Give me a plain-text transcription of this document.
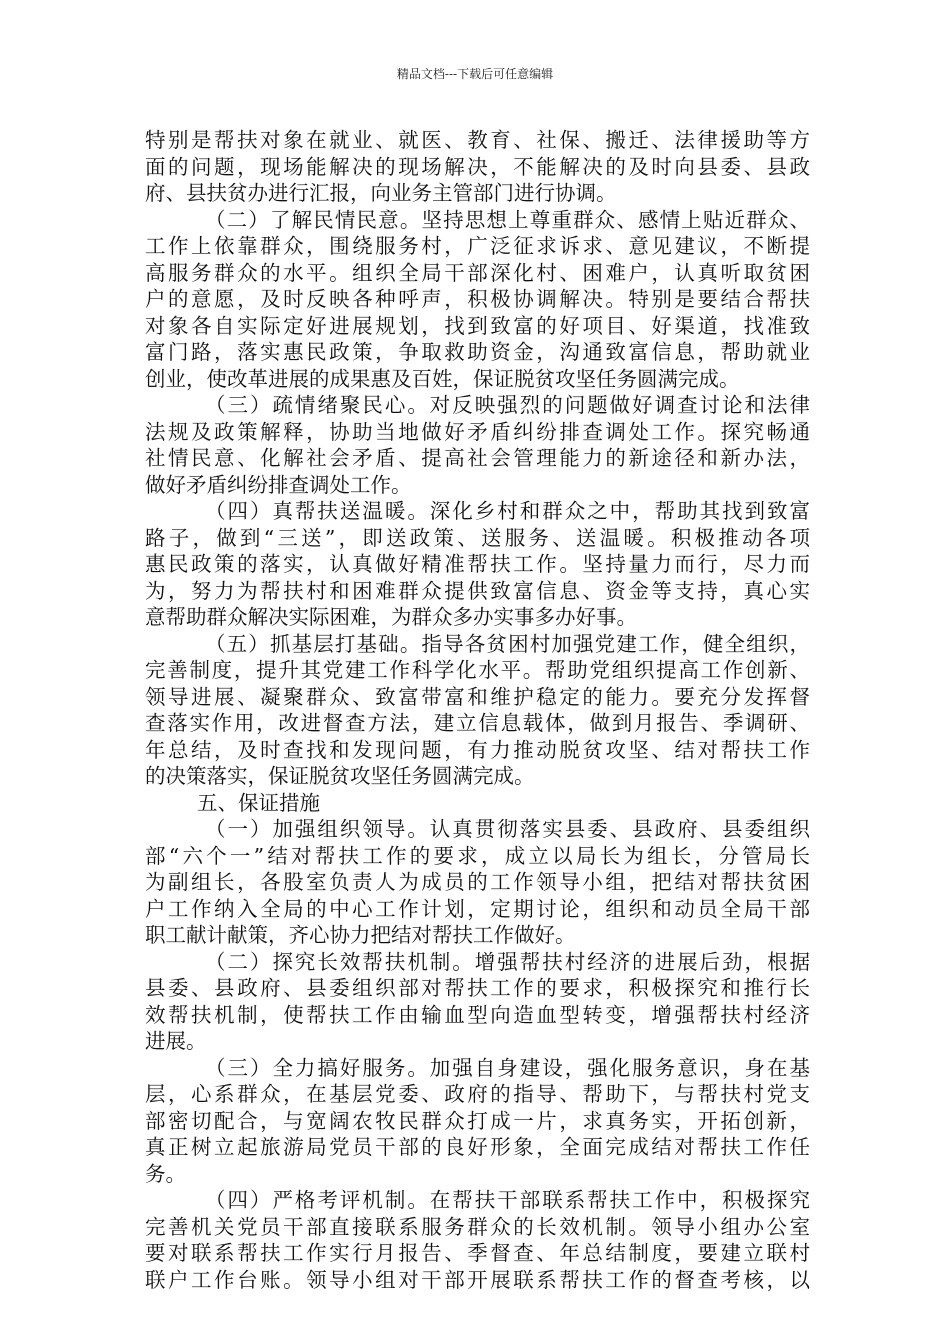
精品文档---下载后可任意编辑
特别是帮扶对象在就业、就医、教育、社保、搬迁、法律援助等方
面的问题，现场能解决的现场解决，不能解决的及时向县委、县政
府、县扶贫办进行汇报，向业务主管部门进行协调。
（二）了解民情民意。坚持思想上尊重群众、感情上贴近群众、
工作上依靠群众，围绕服务村，广泛征求诉求、意见建议，不断提
高服务群众的水平。组织全局干部深化村、困难户，认真听取贫困
户的意愿，及时反映各种呼声，积极协调解决。特别是要结合帮扶
对象各自实际定好进展规划，找到致富的好项目、好渠道，找准致
富门路，落实惠民政策，争取救助资金，沟通致富信息，帮助就业
创业，使改革进展的成果惠及百姓，保证脱贫攻坚任务圆满完成。
（三）疏情绪聚民心。对反映强烈的问题做好调查讨论和法律
法规及政策解释，协助当地做好矛盾纠纷排查调处工作。探究畅通
社情民意、化解社会矛盾、提高社会管理能力的新途径和新办法，
做好矛盾纠纷排查调处工作。
（四）真帮扶送温暖。深化乡村和群众之中，帮助其找到致富
路子，做到“三送”，即送政策、送服务、送温暖。积极推动各项
惠民政策的落实，认真做好精准帮扶工作。坚持量力而行，尽力而
为，努力为帮扶村和困难群众提供致富信息、资金等支持，真心实
意帮助群众解决实际困难，为群众多办实事多办好事。
（五）抓基层打基础。指导各贫困村加强党建工作，健全组织，
完善制度，提升其党建工作科学化水平。帮助党组织提高工作创新、
领导进展、凝聚群众、致富带富和维护稳定的能力。要充分发挥督
查落实作用，改进督查方法，建立信息载体，做到月报告、季调研、
年总结，及时查找和发现问题，有力推动脱贫攻坚、结对帮扶工作
的决策落实，保证脱贫攻坚任务圆满完成。
五、保证措施
（一）加强组织领导。认真贯彻落实县委、县政府、县委组织
部“六个一”结对帮扶工作的要求，成立以局长为组长，分管局长
为副组长，各股室负责人为成员的工作领导小组，把结对帮扶贫困
户工作纳入全局的中心工作计划，定期讨论，组织和动员全局干部
职工献计献策，齐心协力把结对帮扶工作做好。
（二）探究长效帮扶机制。增强帮扶村经济的进展后劲，根据
县委、县政府、县委组织部对帮扶工作的要求，积极探究和推行长
效帮扶机制，使帮扶工作由输血型向造血型转变，增强帮扶村经济
进展。
（三）全力搞好服务。加强自身建设，强化服务意识，身在基
层，心系群众，在基层党委、政府的指导、帮助下，与帮扶村党支
部密切配合，与宽阔农牧民群众打成一片，求真务实，开拓创新，
真正树立起旅游局党员干部的良好形象，全面完成结对帮扶工作任
务。
（四）严格考评机制。在帮扶干部联系帮扶工作中，积极探究
完善机关党员干部直接联系服务群众的长效机制。领导小组办公室
要对联系帮扶工作实行月报告、季督查、年总结制度，要建立联村
联户工作台账。领导小组对干部开展联系帮扶工作的督查考核，以
